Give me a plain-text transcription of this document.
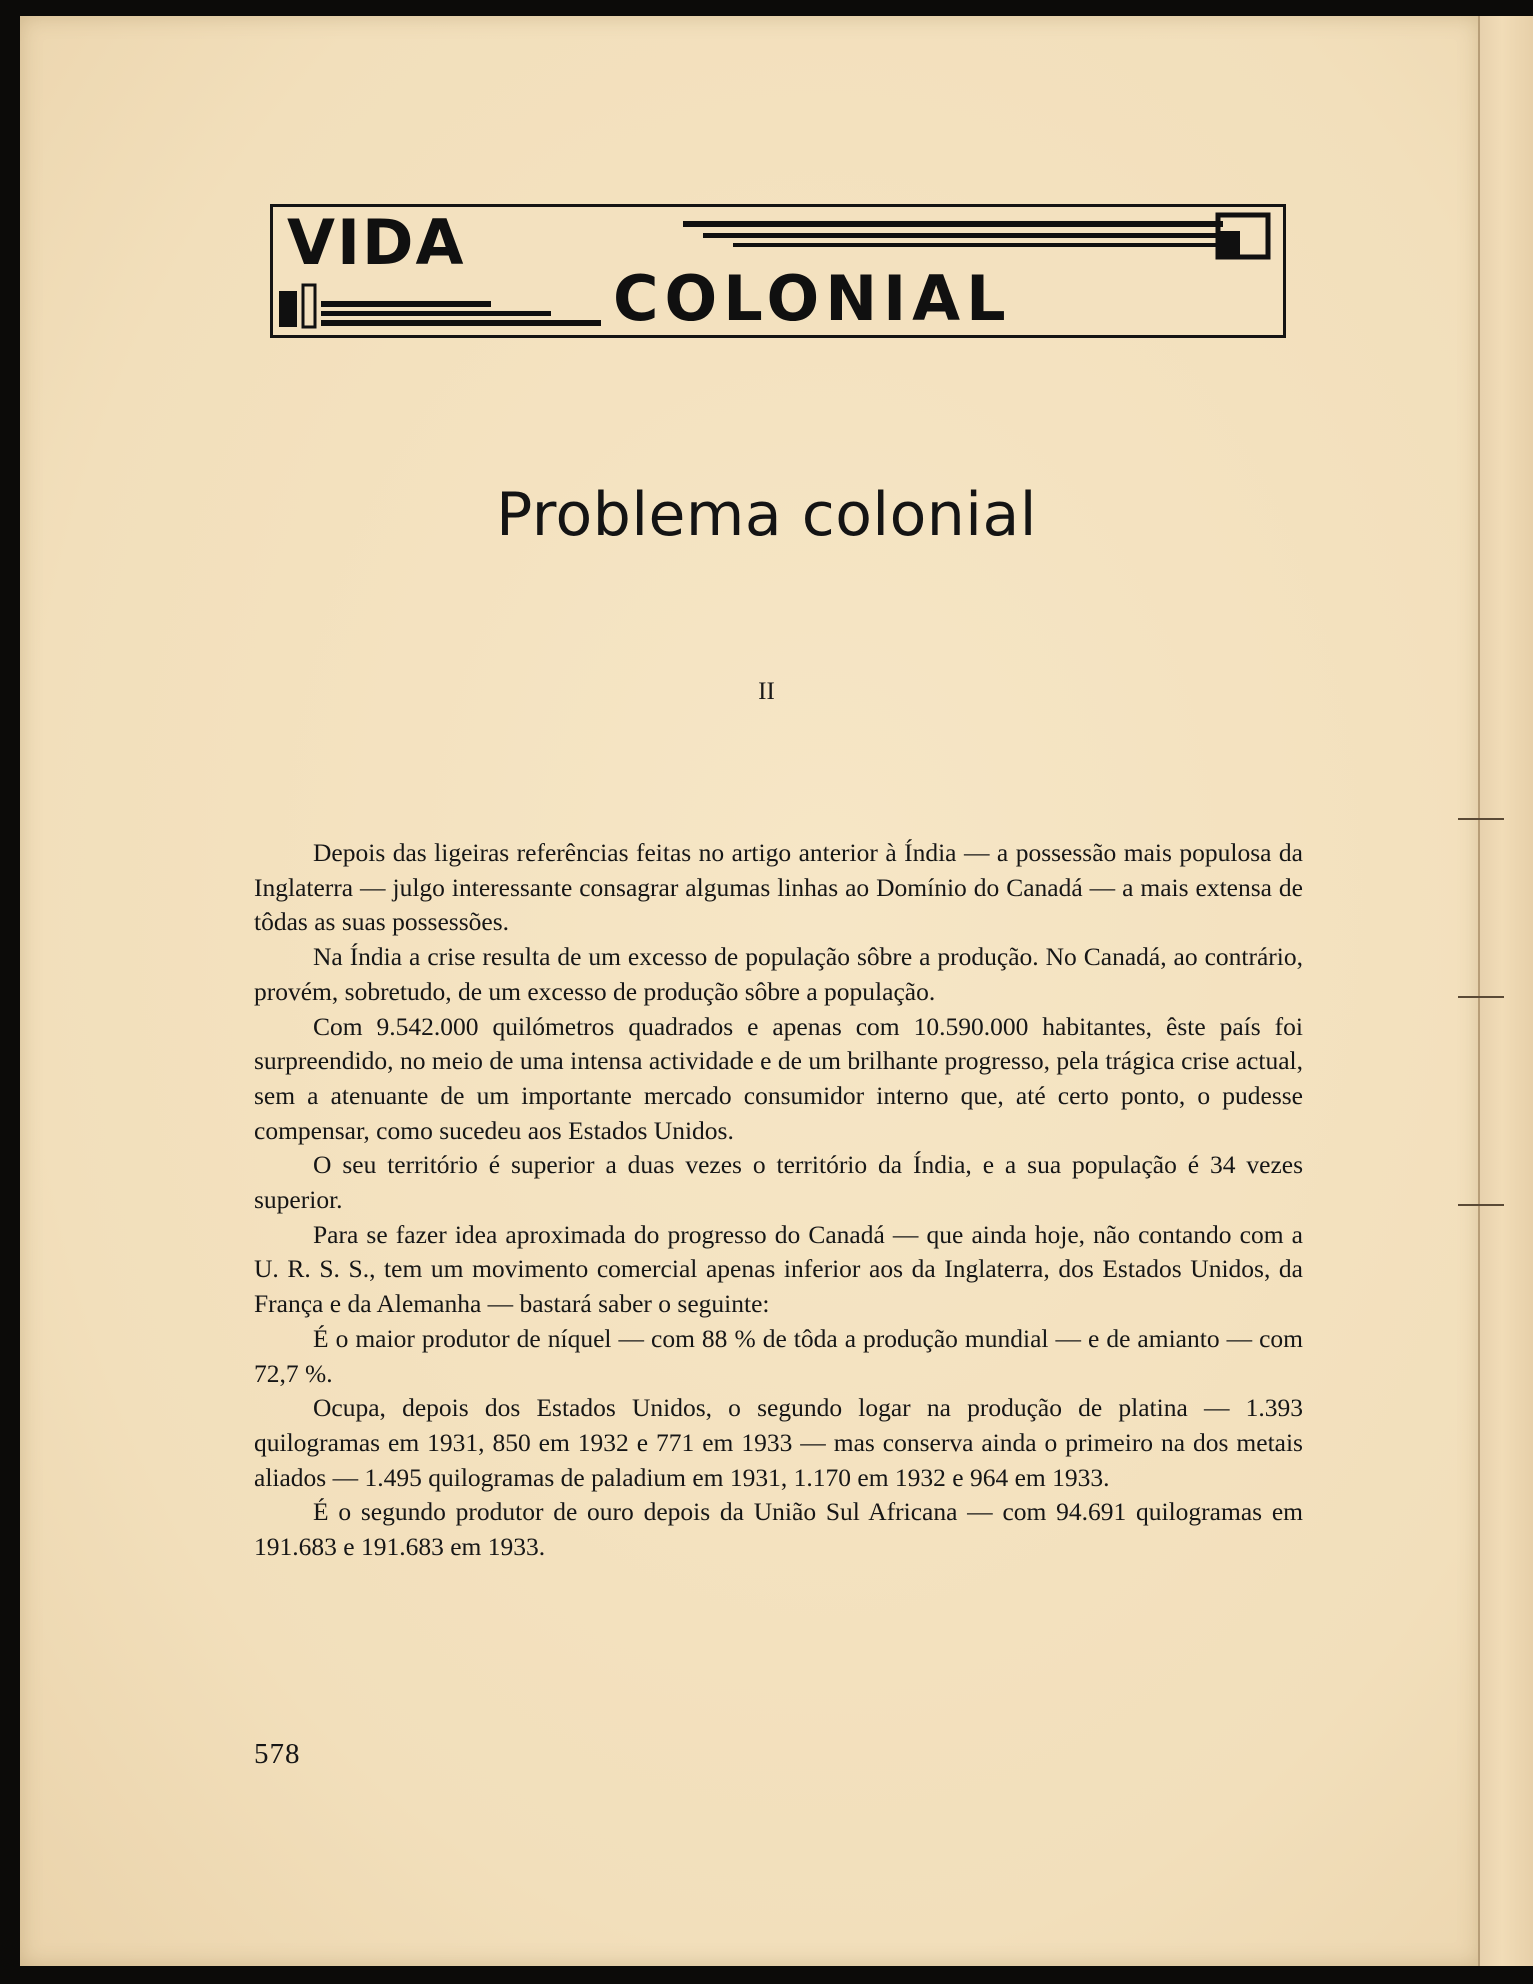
VIDA
COLONIAL
Problema colonial
II

Depois das ligeiras referências feitas no artigo anterior à Índia — a possessão mais populosa da Inglaterra — julgo interessante consagrar algumas linhas ao Domínio do Canadá — a mais extensa de tôdas as suas possessões.

Na Índia a crise resulta de um excesso de população sôbre a produção. No Canadá, ao contrário, provém, sobretudo, de um excesso de produção sôbre a população.

Com 9.542.000 quilómetros quadrados e apenas com 10.590.000 habitantes, êste país foi surpreendido, no meio de uma intensa actividade e de um brilhante progresso, pela trágica crise actual, sem a atenuante de um importante mercado consumidor interno que, até certo ponto, o pudesse compensar, como sucedeu aos Estados Unidos.

O seu território é superior a duas vezes o território da Índia, e a sua população é 34 vezes superior.

Para se fazer idea aproximada do progresso do Canadá — que ainda hoje, não contando com a U. R. S. S., tem um movimento comercial apenas inferior aos da Inglaterra, dos Estados Unidos, da França e da Alemanha — bastará saber o seguinte:

É o maior produtor de níquel — com 88 % de tôda a produção mundial — e de amianto — com 72,7 %.

Ocupa, depois dos Estados Unidos, o segundo logar na produção de platina — 1.393 quilogramas em 1931, 850 em 1932 e 771 em 1933 — mas conserva ainda o primeiro na dos metais aliados — 1.495 quilogramas de paladium em 1931, 1.170 em 1932 e 964 em 1933.

É o segundo produtor de ouro depois da União Sul Africana — com 94.691 quilogramas em 191.683 e 191.683 em 1933.

578
